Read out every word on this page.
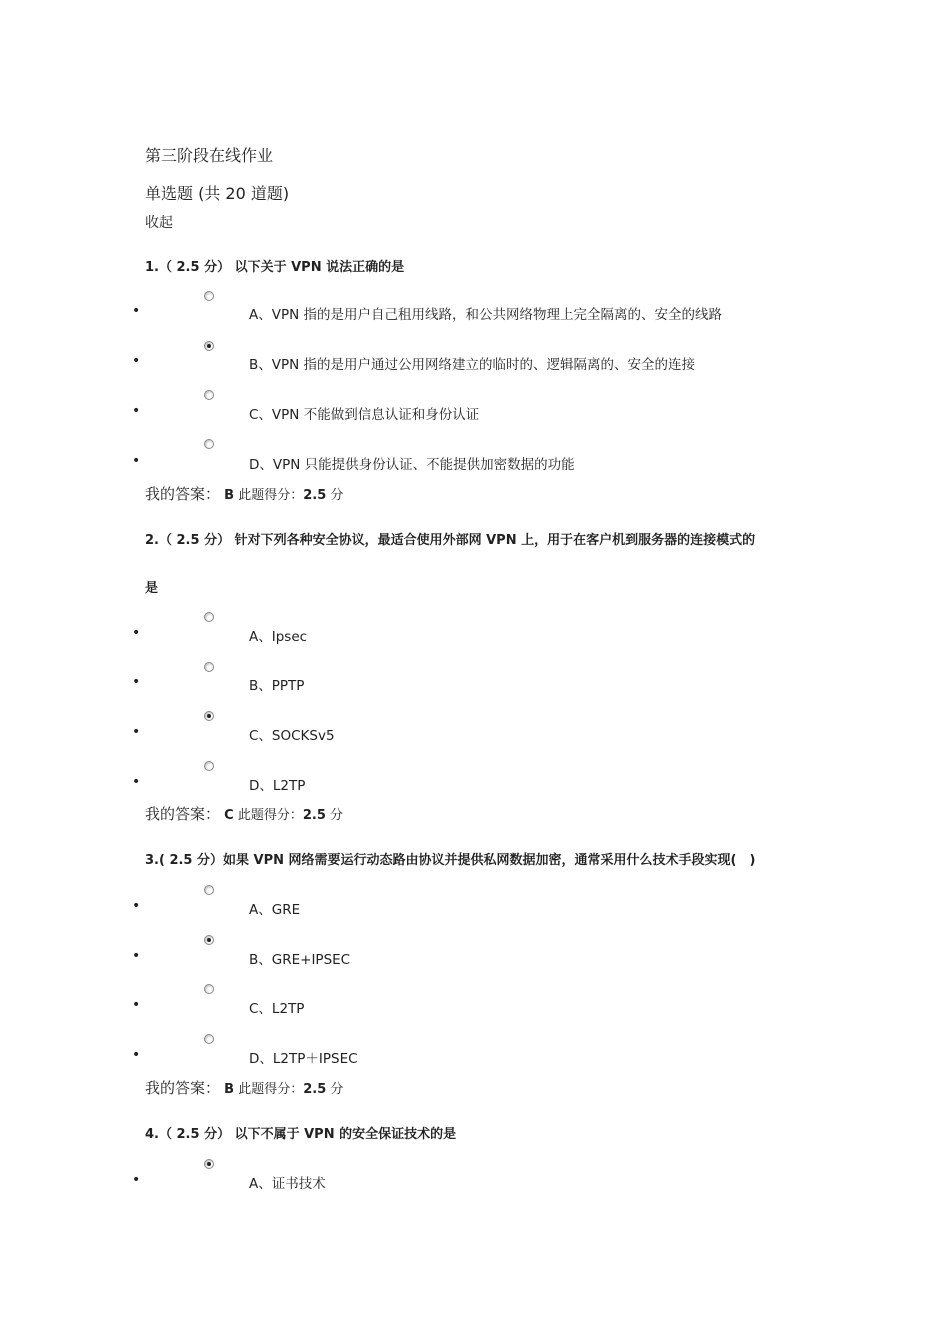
第三阶段在线作业
单选题 (共 20 道题)
收起
1.（ 2.5 分） 以下关于 VPN 说法正确的是
•	A、VPN 指的是用户自己租用线路，和公共网络物理上完全隔离的、安全的线路
•	B、VPN 指的是用户通过公用网络建立的临时的、逻辑隔离的、安全的连接
•	C、VPN 不能做到信息认证和身份认证
•	D、VPN 只能提供身份认证、不能提供加密数据的功能
我的答案： B 此题得分：2.5 分
2.（ 2.5 分） 针对下列各种安全协议，最适合使用外部网 VPN 上，用于在客户机到服务器的连接模式的
是
•	A、Ipsec
•	B、PPTP
•	C、SOCKSv5
•	D、L2TP
我的答案： C 此题得分：2.5 分
3.( 2.5 分）如果 VPN 网络需要运行动态路由协议并提供私网数据加密，通常采用什么技术手段实现(　)
•	A、GRE
•	B、GRE+IPSEC
•	C、L2TP
•	D、L2TP＋IPSEC
我的答案： B 此题得分：2.5 分
4.（ 2.5 分） 以下不属于 VPN 的安全保证技术的是
•	A、证书技术
